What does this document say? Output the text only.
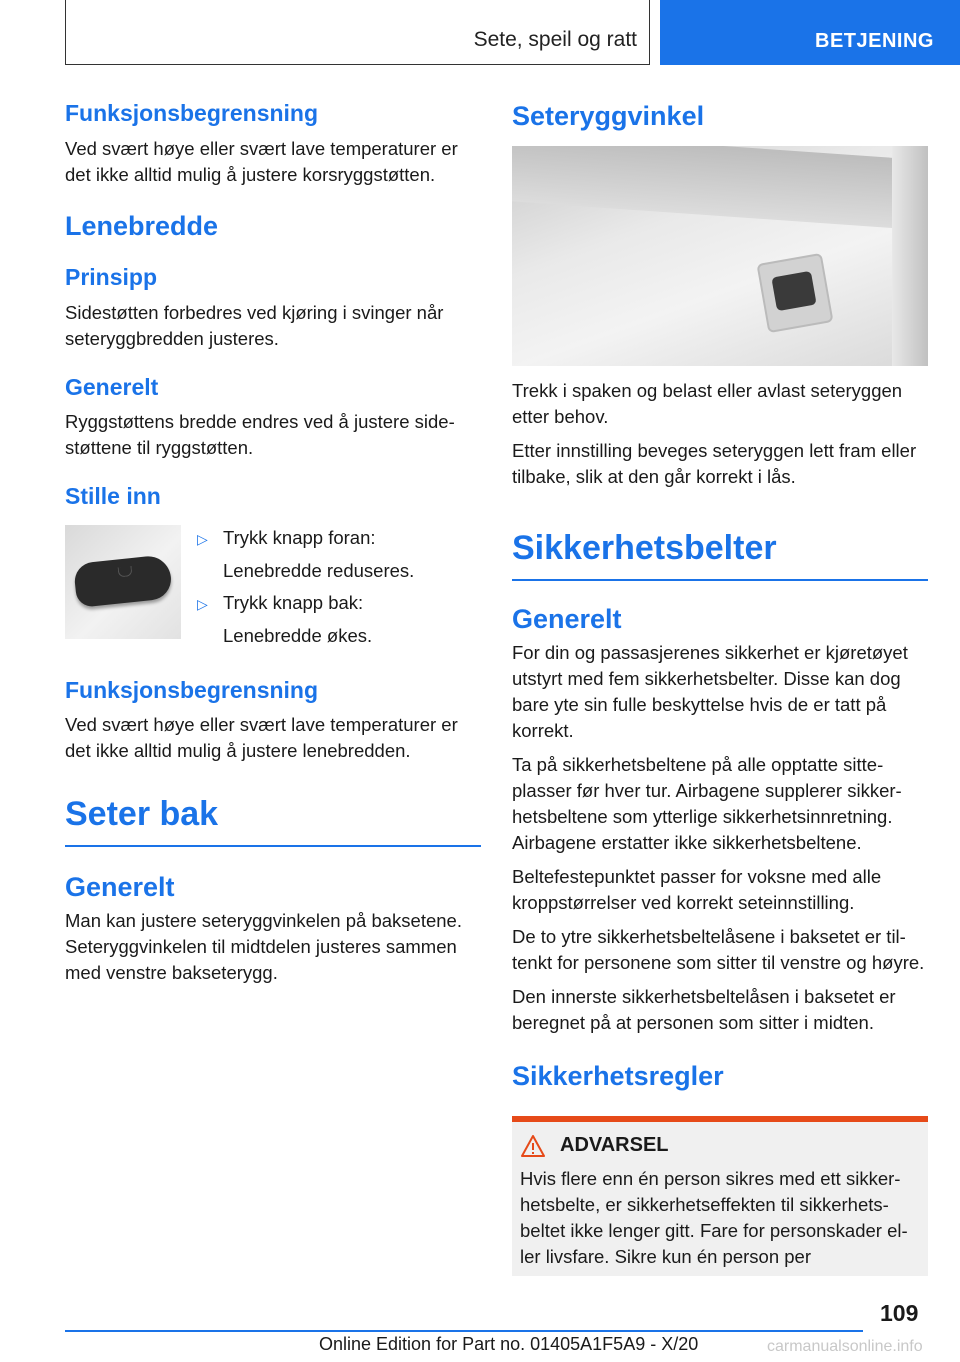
Sete, speil og ratt	BETJENING
Funksjonsbegrensning
Ved svært høye eller svært lave temperaturer er det ikke alltid mulig å justere korsryggstøtten.
Lenebredde
Prinsipp
Sidestøtten forbedres ved kjøring i svinger når seteryggbredden justeres.
Generelt
Ryggstøttens bredde endres ved å justere sidestøttene til ryggstøtten.
Stille inn
▷ Trykk knapp foran:
Lenebredde reduseres.
▷ Trykk knapp bak:
Lenebredde økes.
Funksjonsbegrensning
Ved svært høye eller svært lave temperaturer er det ikke alltid mulig å justere lenebredden.
Seter bak
Generelt
Man kan justere seteryggvinkelen på baksetene. Seteryggvinkelen til midtdelen justeres sammen med venstre bakseterygg.
Seteryggvinkel
Trekk i spaken og belast eller avlast seteryggen etter behov.
Etter innstilling beveges seteryggen lett fram eller tilbake, slik at den går korrekt i lås.
Sikkerhetsbelter
Generelt
For din og passasjerenes sikkerhet er kjøretøyet utstyrt med fem sikkerhetsbelter. Disse kan dog bare yte sin fulle beskyttelse hvis de er tatt på korrekt.
Ta på sikkerhetsbeltene på alle opptatte sitteplasser før hver tur. Airbagene supplerer sikkerhetsbeltene som ytterlige sikkerhetsinnretning. Airbagene erstatter ikke sikkerhetsbeltene.
Beltefestepunktet passer for voksne med alle kroppstørrelser ved korrekt seteinnstilling.
De to ytre sikkerhetsbeltelåsene i baksetet er tiltenkt for personene som sitter til venstre og høyre.
Den innerste sikkerhetsbeltelåsen i baksetet er beregnet på at personen som sitter i midten.
Sikkerhetsregler
ADVARSEL
Hvis flere enn én person sikres med ett sikkerhetsbelte, er sikkerhetseffekten til sikkerhetsbeltet ikke lenger gitt. Fare for personskader eller livsfare. Sikre kun én person per
109
Online Edition for Part no. 01405A1F5A9 - X/20	carmanualsonline.info
